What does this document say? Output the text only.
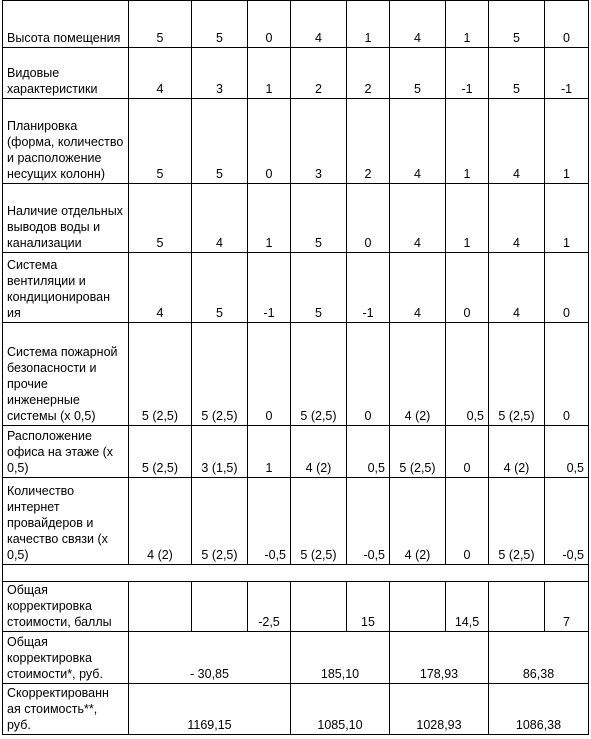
Высота помещения	5	5	0	4	1	4	1	5	0
Видовые характеристики	4	3	1	2	2	5	-1	5	-1
Планировка (форма, количество и расположение несущих колонн)	5	5	0	3	2	4	1	4	1
Наличие отдельных выводов воды и канализации	5	4	1	5	0	4	1	4	1
Система вентиляции и кондиционирован ия	4	5	-1	5	-1	4	0	4	0
Система пожарной безопасности и прочие инженерные системы (х 0,5)	5 (2,5)	5 (2,5)	0	5 (2,5)	0	4 (2)	0,5	5 (2,5)	0
Расположение офиса на этаже (х 0,5)	5 (2,5)	3 (1,5)	1	4 (2)	0,5	5 (2,5)	0	4 (2)	0,5
Количество интернет провайдеров и качество связи (х 0,5)	4 (2)	5 (2,5)	-0,5	5 (2,5)	-0,5	4 (2)	0	5 (2,5)	-0,5

Общая корректировка стоимости, баллы			-2,5		15		14,5		7
Общая корректировка стоимости*, руб.	- 30,85			185,10		178,93		86,38	
Скорректированн ая стоимость**, руб.	1169,15			1085,10		1028,93		1086,38	
